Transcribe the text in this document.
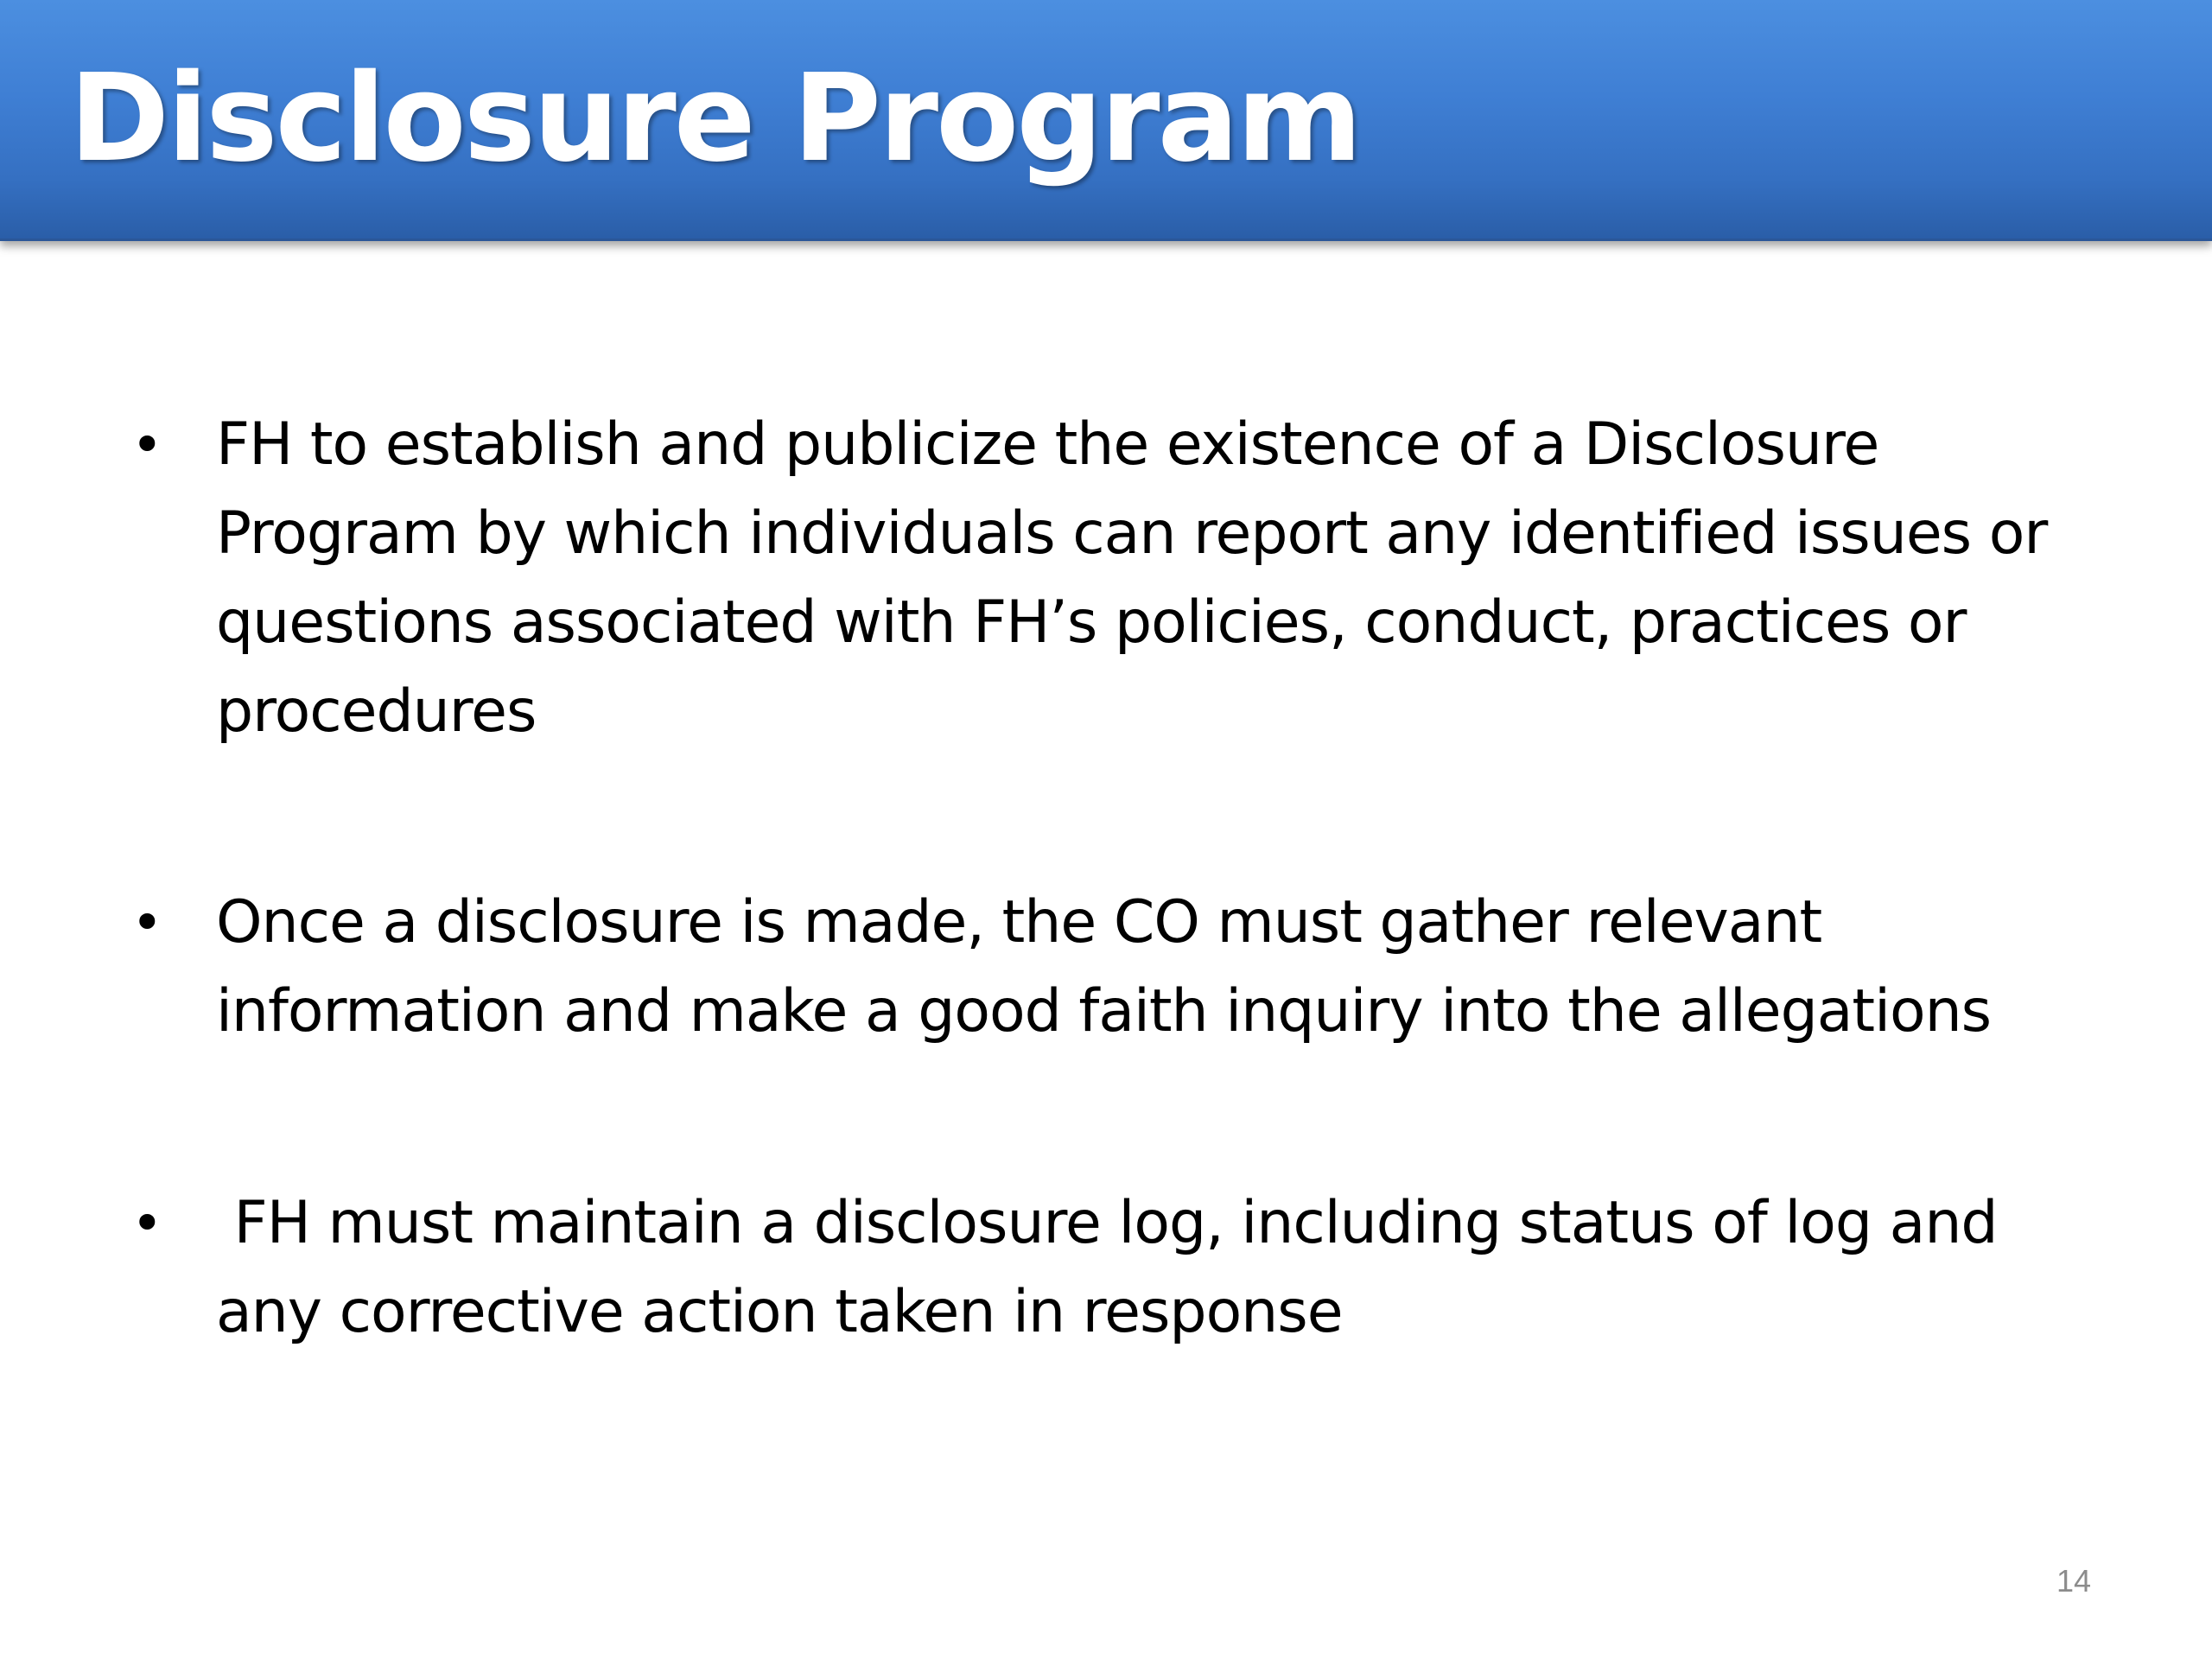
Disclosure Program
• FH to establish and publicize the existence of a Disclosure Program by which individuals can report any identified issues or questions associated with FH’s policies, conduct, practices or procedures
• Once a disclosure is made, the CO must gather relevant information and make a good faith inquiry into the allegations
• FH must maintain a disclosure log, including status of log and any corrective action taken in response
14
